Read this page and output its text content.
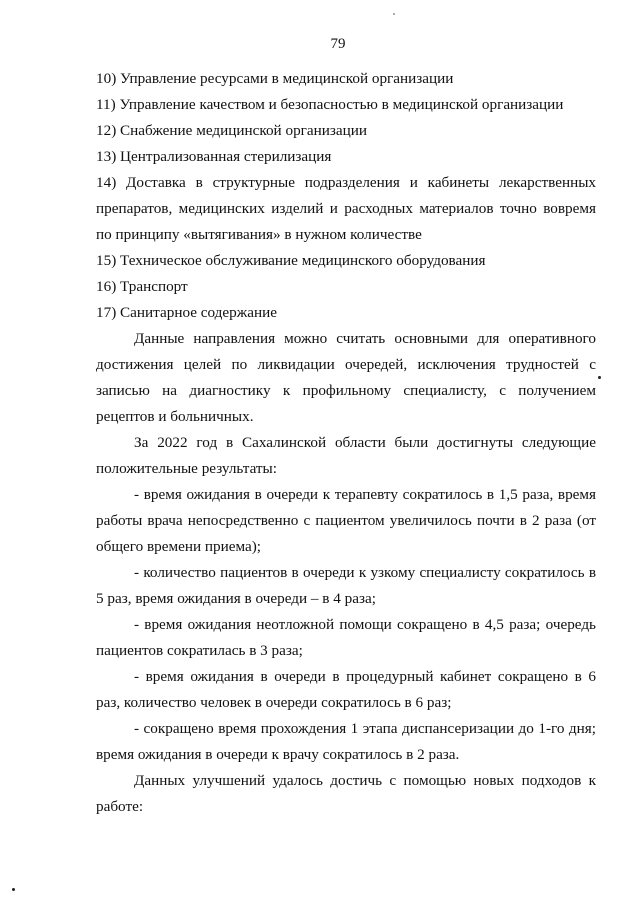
79

10) Управление ресурсами в медицинской организации

11) Управление качеством и безопасностью в медицинской организации

12) Снабжение медицинской организации

13) Централизованная стерилизация

14) Доставка в структурные подразделения и кабинеты лекарственных препаратов, медицинских изделий и расходных материалов точно вовремя по принципу «вытягивания» в нужном количестве

15) Техническое обслуживание медицинского оборудования

16) Транспорт

17) Санитарное содержание

Данные направления можно считать основными для оперативного достижения целей по ликвидации очередей, исключения трудностей с записью на диагностику к профильному специалисту, с получением рецептов и больничных.

За 2022 год в Сахалинской области были достигнуты следующие положительные результаты:

- время ожидания в очереди к терапевту сократилось в 1,5 раза, время работы врача непосредственно с пациентом увеличилось почти в 2 раза (от общего времени приема);

- количество пациентов в очереди к узкому специалисту сократилось в 5 раз, время ожидания в очереди – в 4 раза;

- время ожидания неотложной помощи сокращено в 4,5 раза; очередь пациентов сократилась в 3 раза;

- время ожидания в очереди в процедурный кабинет сокращено в 6 раз, количество человек в очереди сократилось в 6 раз;

- сокращено время прохождения 1 этапа диспансеризации до 1-го дня; время ожидания в очереди к врачу сократилось в 2 раза.

Данных улучшений удалось достичь с помощью новых подходов к работе:
